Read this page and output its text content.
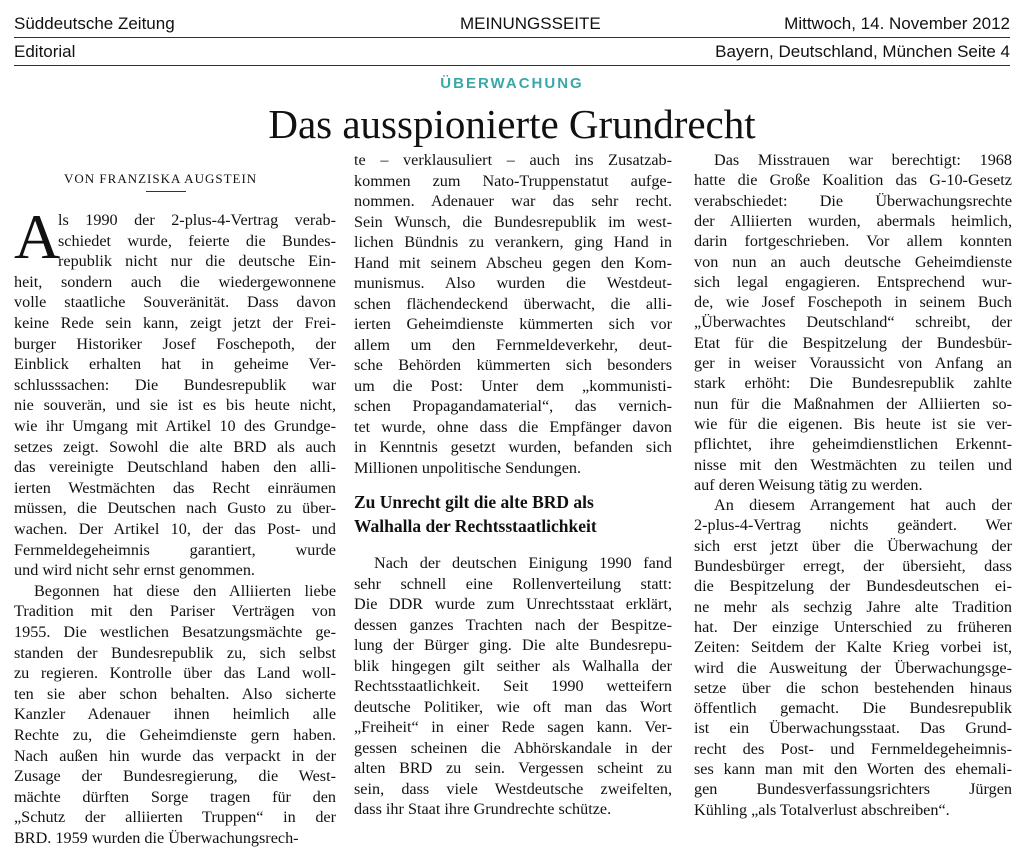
Süddeutsche Zeitung	MEINUNGSSEITE	Mittwoch, 14. November 2012
Editorial	Bayern, Deutschland, München Seite 4
ÜBERWACHUNG
Das ausspionierte Grundrecht
VON FRANZISKA AUGSTEIN
A
ls 1990 der 2-plus-4-Vertrag verab-
schiedet wurde, feierte die Bundes-
republik nicht nur die deutsche Ein-
heit, sondern auch die wiedergewonnene
volle staatliche Souveränität. Dass davon
keine Rede sein kann, zeigt jetzt der Frei-
burger Historiker Josef Foschepoth, der
Einblick erhalten hat in geheime Ver-
schlusssachen: Die Bundesrepublik war
nie souverän, und sie ist es bis heute nicht,
wie ihr Umgang mit Artikel 10 des Grundge-
setzes zeigt. Sowohl die alte BRD als auch
das vereinigte Deutschland haben den alli-
ierten Westmächten das Recht einräumen
müssen, die Deutschen nach Gusto zu über-
wachen. Der Artikel 10, der das Post- und
Fernmeldegeheimnis garantiert, wurde
und wird nicht sehr ernst genommen.
Begonnen hat diese den Alliierten liebe
Tradition mit den Pariser Verträgen von
1955. Die westlichen Besatzungsmächte ge-
standen der Bundesrepublik zu, sich selbst
zu regieren. Kontrolle über das Land woll-
ten sie aber schon behalten. Also sicherte
Kanzler Adenauer ihnen heimlich alle
Rechte zu, die Geheimdienste gern haben.
Nach außen hin wurde das verpackt in der
Zusage der Bundesregierung, die West-
mächte dürften Sorge tragen für den
„Schutz der alliierten Truppen“ in der
BRD. 1959 wurden die Überwachungsrech-
te – verklausuliert – auch ins Zusatzab-
kommen zum Nato-Truppenstatut aufge-
nommen. Adenauer war das sehr recht.
Sein Wunsch, die Bundesrepublik im west-
lichen Bündnis zu verankern, ging Hand in
Hand mit seinem Abscheu gegen den Kom-
munismus. Also wurden die Westdeut-
schen flächendeckend überwacht, die alli-
ierten Geheimdienste kümmerten sich vor
allem um den Fernmeldeverkehr, deut-
sche Behörden kümmerten sich besonders
um die Post: Unter dem „kommunisti-
schen Propagandamaterial“, das vernich-
tet wurde, ohne dass die Empfänger davon
in Kenntnis gesetzt wurden, befanden sich
Millionen unpolitische Sendungen.
Zu Unrecht gilt die alte BRD als
Walhalla der Rechtsstaatlichkeit
Nach der deutschen Einigung 1990 fand
sehr schnell eine Rollenverteilung statt:
Die DDR wurde zum Unrechtsstaat erklärt,
dessen ganzes Trachten nach der Bespitze-
lung der Bürger ging. Die alte Bundesrepu-
blik hingegen gilt seither als Walhalla der
Rechtsstaatlichkeit. Seit 1990 wetteifern
deutsche Politiker, wie oft man das Wort
„Freiheit“ in einer Rede sagen kann. Ver-
gessen scheinen die Abhörskandale in der
alten BRD zu sein. Vergessen scheint zu
sein, dass viele Westdeutsche zweifelten,
dass ihr Staat ihre Grundrechte schütze.
Das Misstrauen war berechtigt: 1968
hatte die Große Koalition das G-10-Gesetz
verabschiedet: Die Überwachungsrechte
der Alliierten wurden, abermals heimlich,
darin fortgeschrieben. Vor allem konnten
von nun an auch deutsche Geheimdienste
sich legal engagieren. Entsprechend wur-
de, wie Josef Foschepoth in seinem Buch
„Überwachtes Deutschland“ schreibt, der
Etat für die Bespitzelung der Bundesbür-
ger in weiser Voraussicht von Anfang an
stark erhöht: Die Bundesrepublik zahlte
nun für die Maßnahmen der Alliierten so-
wie für die eigenen. Bis heute ist sie ver-
pflichtet, ihre geheimdienstlichen Erkennt-
nisse mit den Westmächten zu teilen und
auf deren Weisung tätig zu werden.
An diesem Arrangement hat auch der
2-plus-4-Vertrag nichts geändert. Wer
sich erst jetzt über die Überwachung der
Bundesbürger erregt, der übersieht, dass
die Bespitzelung der Bundesdeutschen ei-
ne mehr als sechzig Jahre alte Tradition
hat. Der einzige Unterschied zu früheren
Zeiten: Seitdem der Kalte Krieg vorbei ist,
wird die Ausweitung der Überwachungsge-
setze über die schon bestehenden hinaus
öffentlich gemacht. Die Bundesrepublik
ist ein Überwachungsstaat. Das Grund-
recht des Post- und Fernmeldegeheimnis-
ses kann man mit den Worten des ehemali-
gen Bundesverfassungsrichters Jürgen
Kühling „als Totalverlust abschreiben“.
